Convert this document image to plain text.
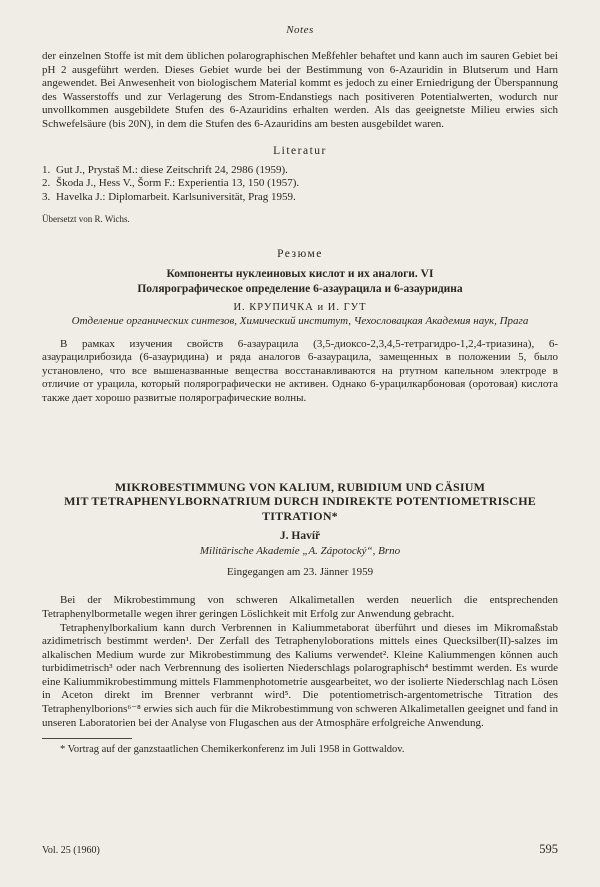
Notes

der einzelnen Stoffe ist mit dem üblichen polarographischen Meßfehler behaftet und kann auch im sauren Gebiet bei pH 2 ausgeführt werden. Dieses Gebiet wurde bei der Bestimmung von 6-Azauridin in Blutserum und Harn angewendet. Bei Anwesenheit von biologischem Material kommt es jedoch zu einer Erniedrigung der Überspannung des Wasserstoffs und zur Verlagerung des Strom-Endanstiegs nach positiveren Potentialwerten, wodurch nur unvollkommen ausgebildete Stufen des 6-Azauridins erhalten werden. Als das geeignetste Milieu erwies sich Schwefelsäure (bis 20N), in dem die Stufen des 6-Azauridins am besten ausgebildet waren.

Literatur
1. Gut J., Prystaš M.: diese Zeitschrift 24, 2986 (1959).
2. Škoda J., Hess V., Šorm F.: Experientia 13, 150 (1957).
3. Havelka J.: Diplomarbeit. Karlsuniversität, Prag 1959.
Übersetzt von R. Wichs.
Резюме
Компоненты нуклеиновых кислот и их аналоги. VI
Полярографическое определение 6-азаурацила и 6-азауридина
И. КРУПИЧКА и И. ГУТ
Отделение органических синтезов, Химический институт, Чехословацкая Академия наук, Прага

В рамках изучения свойств 6-азаурацила (3,5-диоксо-2,3,4,5-тетрагидро-1,2,4-триазина), 6-азаурацилрибозида (6-азауридина) и ряда аналогов 6-азаурацила, замещенных в положении 5, было установлено, что все вышеназванные вещества восстанавливаются на ртутном капельном электроде в отличие от урацила, который полярографически не активен. Однако 6-урацилкарбоновая (оротовая) кислота также дает хорошо развитые полярографические волны.

MIKROBESTIMMUNG VON KALIUM, RUBIDIUM UND CÄSIUM
MIT TETRAPHENYLBORNATRIUM DURCH INDIREKTE POTENTIOMETRISCHE
TITRATION*
J. Havíř
Militärische Akademie „A. Zápotocký“, Brno
Eingegangen am 23. Jänner 1959

Bei der Mikrobestimmung von schweren Alkalimetallen werden neuerlich die entsprechenden Tetraphenylbormetalle wegen ihrer geringen Löslichkeit mit Erfolg zur Anwendung gebracht.

Tetraphenylborkalium kann durch Verbrennen in Kaliummetaborat überführt und dieses im Mikromaßstab azidimetrisch bestimmt werden¹. Der Zerfall des Tetraphenyloborations mittels eines Quecksilber(II)-salzes im alkalischen Medium wurde zur Mikrobestimmung des Kaliums verwendet². Kleine Kaliummengen können auch turbidimetrisch³ oder nach Verbrennung des isolierten Niederschlags polarographisch⁴ bestimmt werden. Es wurde eine Kaliummikrobestimmung mittels Flammenphotometrie ausgearbeitet, wo der isolierte Niederschlag nach Lösen in Aceton direkt im Brenner verbrannt wird⁵. Die potentiometrisch-argentometrische Titration des Tetraphenylborions⁶⁻⁸ erwies sich auch für die Mikrobestimmung von schweren Alkalimetallen geeignet und fand in unseren Laboratorien bei der Analyse von Flugaschen aus der Atmosphäre erfolgreiche Anwendung.

* Vortrag auf der ganzstaatlichen Chemikerkonferenz im Juli 1958 in Gottwaldov.

Vol. 25 (1960)	595
